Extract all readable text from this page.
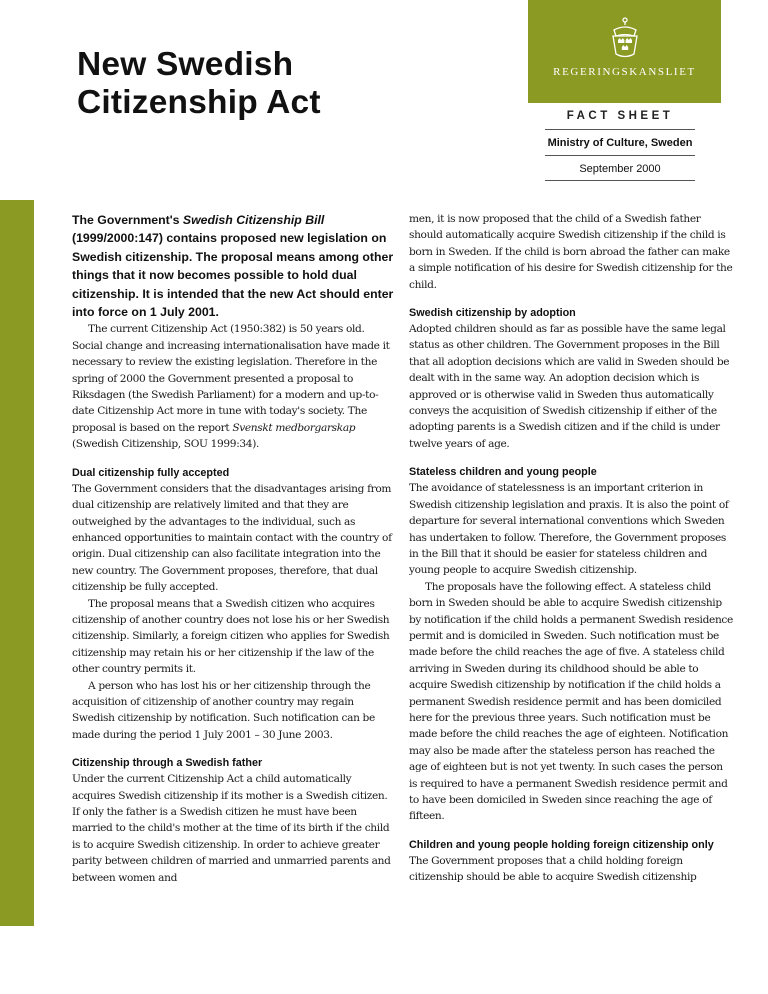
New Swedish
Citizenship Act
REGERINGSKANSLIET
FACT SHEET
Ministry of Culture, Sweden
September 2000

The Government's Swedish Citizenship Bill (1999/2000:147) contains proposed new legislation on Swedish citizenship. The proposal means among other things that it now becomes possible to hold dual citizenship. It is intended that the new Act should enter into force on 1 July 2001.

The current Citizenship Act (1950:382) is 50 years old. Social change and increasing internationalisation have made it necessary to review the existing legislation. Therefore in the spring of 2000 the Government presented a proposal to Riksdagen (the Swedish Parliament) for a modern and up-to-date Citizenship Act more in tune with today's society. The proposal is based on the report Svenskt medborgarskap (Swedish Citizenship, SOU 1999:34).

Dual citizenship fully accepted

The Government considers that the disadvantages arising from dual citizenship are relatively limited and that they are outweighed by the advantages to the individual, such as enhanced opportunities to maintain contact with the country of origin. Dual citizenship can also facilitate integration into the new country. The Government proposes, therefore, that dual citizenship be fully accepted.

The proposal means that a Swedish citizen who acquires citizenship of another country does not lose his or her Swedish citizenship. Similarly, a foreign citizen who applies for Swedish citizenship may retain his or her citizenship if the law of the other country permits it.

A person who has lost his or her citizenship through the acquisition of citizenship of another country may regain Swedish citizenship by notification. Such notification can be made during the period 1 July 2001 – 30 June 2003.

Citizenship through a Swedish father

Under the current Citizenship Act a child automatically acquires Swedish citizenship if its mother is a Swedish citizen. If only the father is a Swedish citizen he must have been married to the child's mother at the time of its birth if the child is to acquire Swedish citizenship. In order to achieve greater parity between children of married and unmarried parents and between women and

men, it is now proposed that the child of a Swedish father should automatically acquire Swedish citizenship if the child is born in Sweden. If the child is born abroad the father can make a simple notification of his desire for Swedish citizenship for the child.

Swedish citizenship by adoption

Adopted children should as far as possible have the same legal status as other children. The Government proposes in the Bill that all adoption decisions which are valid in Sweden should be dealt with in the same way. An adoption decision which is approved or is otherwise valid in Sweden thus automatically conveys the acquisition of Swedish citizenship if either of the adopting parents is a Swedish citizen and if the child is under twelve years of age.

Stateless children and young people

The avoidance of statelessness is an important criterion in Swedish citizenship legislation and praxis. It is also the point of departure for several international conventions which Sweden has undertaken to follow. Therefore, the Government proposes in the Bill that it should be easier for stateless children and young people to acquire Swedish citizenship.

The proposals have the following effect. A stateless child born in Sweden should be able to acquire Swedish citizenship by notification if the child holds a permanent Swedish residence permit and is domiciled in Sweden. Such notification must be made before the child reaches the age of five. A stateless child arriving in Sweden during its childhood should be able to acquire Swedish citizenship by notification if the child holds a permanent Swedish residence permit and has been domiciled here for the previous three years. Such notification must be made before the child reaches the age of eighteen. Notification may also be made after the stateless person has reached the age of eighteen but is not yet twenty. In such cases the person is required to have a permanent Swedish residence permit and to have been domiciled in Sweden since reaching the age of fifteen.

Children and young people holding foreign citizenship only

The Government proposes that a child holding foreign citizenship should be able to acquire Swedish citizenship
